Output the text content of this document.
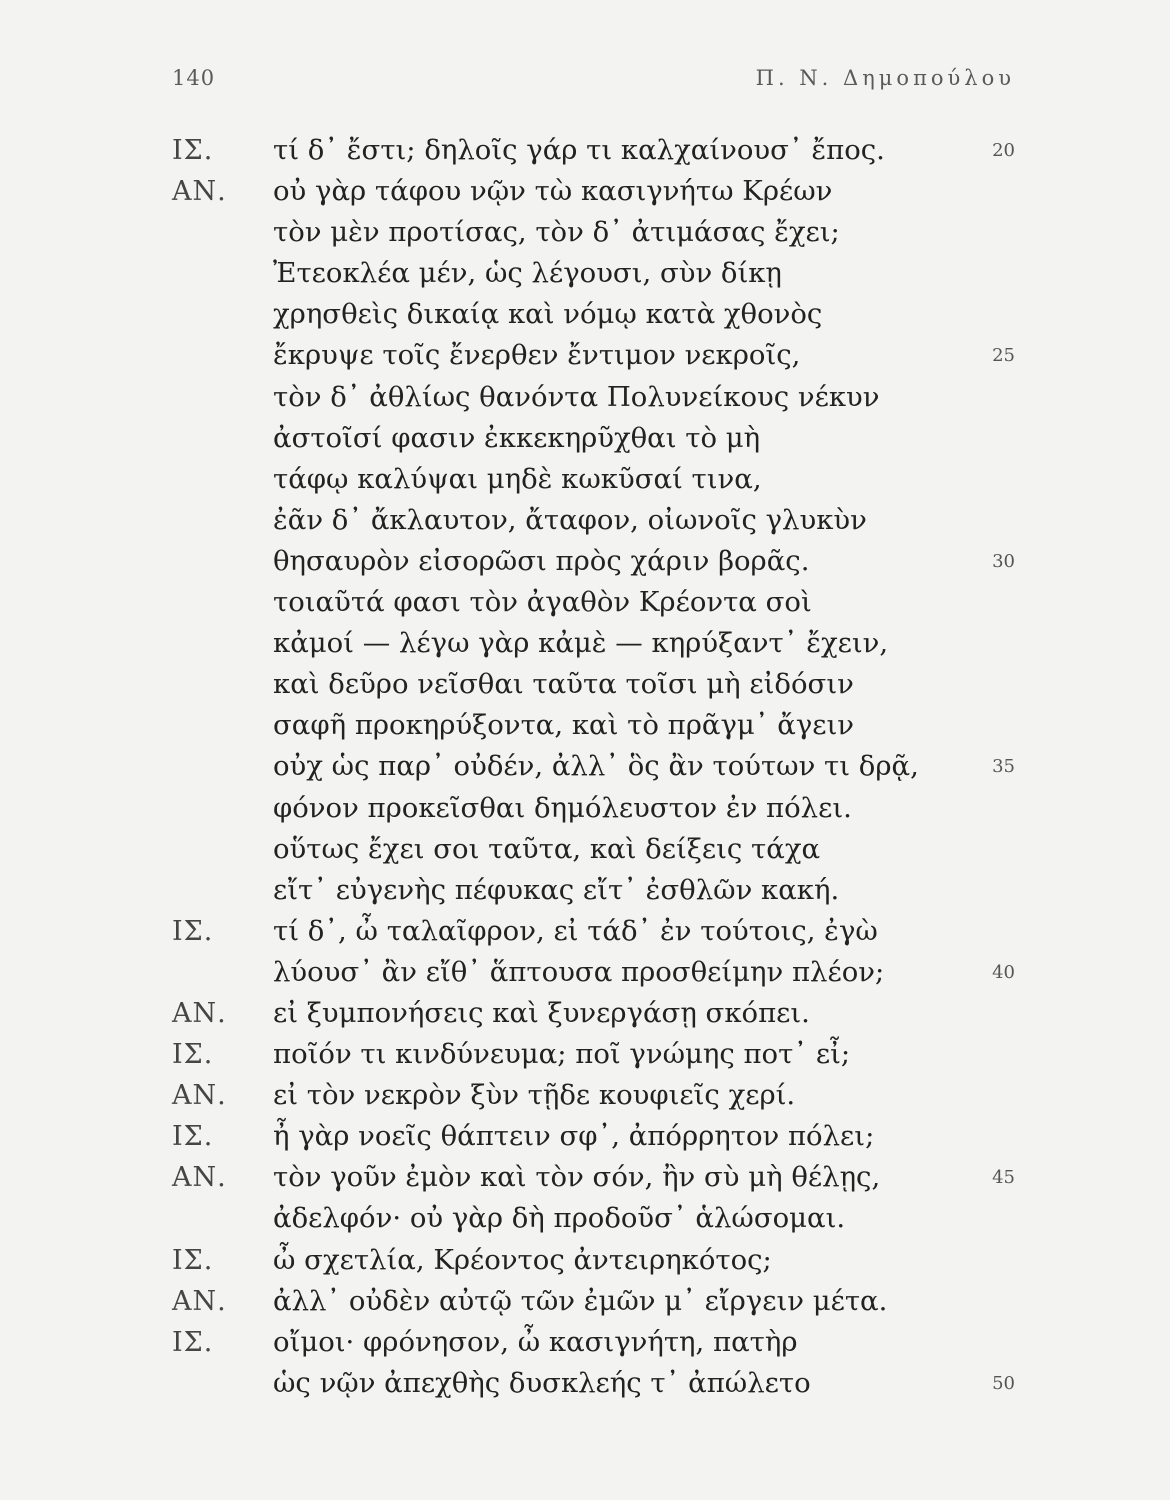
140	Π. Ν. Δημοπούλου
ΙΣ. τί δ᾽ ἔστι; δηλοῖς γάρ τι καλχαίνουσ᾽ ἔπος.	20
ΑΝ. οὐ γὰρ τάφου νῷν τὼ κασιγνήτω Κρέων
τὸν μὲν προτίσας, τὸν δ᾽ ἀτιμάσας ἔχει;
Ἐτεοκλέα μέν, ὡς λέγουσι, σὺν δίκῃ
χρησθεὶς δικαίᾳ καὶ νόμῳ κατὰ χθονὸς
ἔκρυψε τοῖς ἔνερθεν ἔντιμον νεκροῖς,	25
τὸν δ᾽ ἀθλίως θανόντα Πολυνείκους νέκυν
ἀστοῖσί φασιν ἐκκεκηρῦχθαι τὸ μὴ
τάφῳ καλύψαι μηδὲ κωκῦσαί τινα,
ἐᾶν δ᾽ ἄκλαυτον, ἄταφον, οἰωνοῖς γλυκὺν
θησαυρὸν εἰσορῶσι πρὸς χάριν βορᾶς.	30
τοιαῦτά φασι τὸν ἀγαθὸν Κρέοντα σοὶ
κἀμοί — λέγω γὰρ κἀμὲ — κηρύξαντ᾽ ἔχειν,
καὶ δεῦρο νεῖσθαι ταῦτα τοῖσι μὴ εἰδόσιν
σαφῆ προκηρύξοντα, καὶ τὸ πρᾶγμ᾽ ἄγειν
οὐχ ὡς παρ᾽ οὐδέν, ἀλλ᾽ ὃς ἂν τούτων τι δρᾷ,	35
φόνον προκεῖσθαι δημόλευστον ἐν πόλει.
οὕτως ἔχει σοι ταῦτα, καὶ δείξεις τάχα
εἴτ᾽ εὐγενὴς πέφυκας εἴτ᾽ ἐσθλῶν κακή.
ΙΣ. τί δ᾽, ὦ ταλαῖφρον, εἰ τάδ᾽ ἐν τούτοις, ἐγὼ
λύουσ᾽ ἂν εἴθ᾽ ἅπτουσα προσθείμην πλέον;	40
ΑΝ. εἰ ξυμπονήσεις καὶ ξυνεργάσῃ σκόπει.
ΙΣ. ποῖόν τι κινδύνευμα; ποῖ γνώμης ποτ᾽ εἶ;
ΑΝ. εἰ τὸν νεκρὸν ξὺν τῇδε κουφιεῖς χερί.
ΙΣ. ἦ γὰρ νοεῖς θάπτειν σφ᾽, ἀπόρρητον πόλει;
ΑΝ. τὸν γοῦν ἐμὸν καὶ τὸν σόν, ἢν σὺ μὴ θέλῃς,	45
ἀδελφόν· οὐ γὰρ δὴ προδοῦσ᾽ ἁλώσομαι.
ΙΣ. ὦ σχετλία, Κρέοντος ἀντειρηκότος;
ΑΝ. ἀλλ᾽ οὐδὲν αὐτῷ τῶν ἐμῶν μ᾽ εἴργειν μέτα.
ΙΣ. οἴμοι· φρόνησον, ὦ κασιγνήτη, πατὴρ
ὡς νῷν ἀπεχθὴς δυσκλεής τ᾽ ἀπώλετο	50
